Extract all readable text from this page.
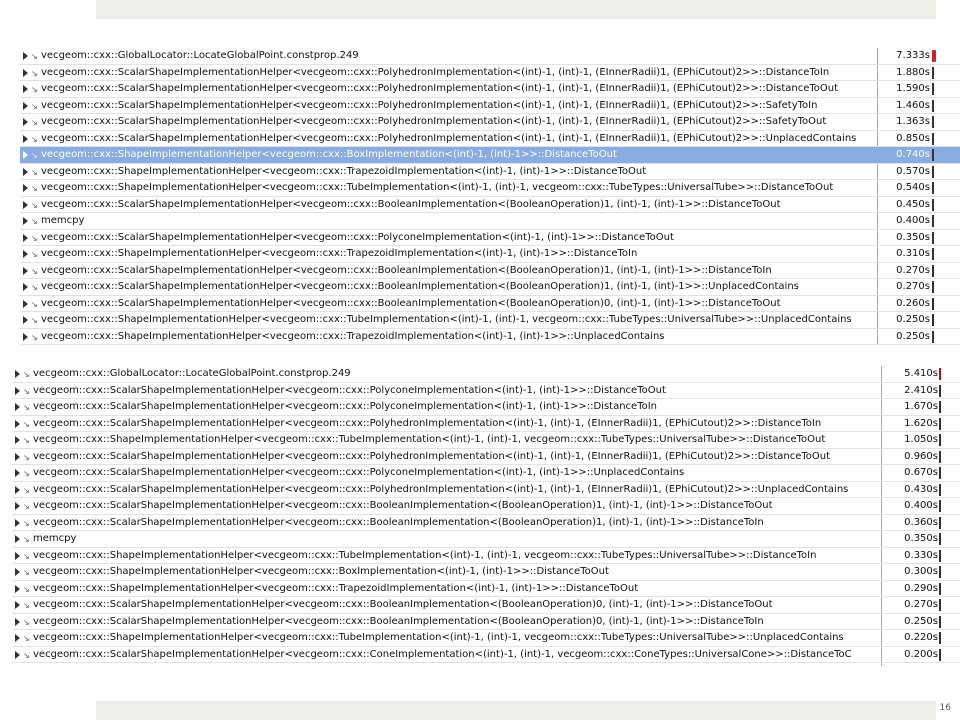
↘ vecgeom::cxx::GlobalLocator::LocateGlobalPoint.constprop.249	7.333s
↘ vecgeom::cxx::ScalarShapeImplementationHelper<vecgeom::cxx::PolyhedronImplementation<(int)-1, (int)-1, (EInnerRadii)1, (EPhiCutout)2>>::DistanceToIn	1.880s
↘ vecgeom::cxx::ScalarShapeImplementationHelper<vecgeom::cxx::PolyhedronImplementation<(int)-1, (int)-1, (EInnerRadii)1, (EPhiCutout)2>>::DistanceToOut	1.590s
↘ vecgeom::cxx::ScalarShapeImplementationHelper<vecgeom::cxx::PolyhedronImplementation<(int)-1, (int)-1, (EInnerRadii)1, (EPhiCutout)2>>::SafetyToIn	1.460s
↘ vecgeom::cxx::ScalarShapeImplementationHelper<vecgeom::cxx::PolyhedronImplementation<(int)-1, (int)-1, (EInnerRadii)1, (EPhiCutout)2>>::SafetyToOut	1.363s
↘ vecgeom::cxx::ScalarShapeImplementationHelper<vecgeom::cxx::PolyhedronImplementation<(int)-1, (int)-1, (EInnerRadii)1, (EPhiCutout)2>>::UnplacedContains	0.850s
↘ vecgeom::cxx::ShapeImplementationHelper<vecgeom::cxx::BoxImplementation<(int)-1, (int)-1>>::DistanceToOut	0.740s
↘ vecgeom::cxx::ShapeImplementationHelper<vecgeom::cxx::TrapezoidImplementation<(int)-1, (int)-1>>::DistanceToOut	0.570s
↘ vecgeom::cxx::ShapeImplementationHelper<vecgeom::cxx::TubeImplementation<(int)-1, (int)-1, vecgeom::cxx::TubeTypes::UniversalTube>>::DistanceToOut	0.540s
↘ vecgeom::cxx::ScalarShapeImplementationHelper<vecgeom::cxx::BooleanImplementation<(BooleanOperation)1, (int)-1, (int)-1>>::DistanceToOut	0.450s
↘ memcpy	0.400s
↘ vecgeom::cxx::ScalarShapeImplementationHelper<vecgeom::cxx::PolyconeImplementation<(int)-1, (int)-1>>::DistanceToOut	0.350s
↘ vecgeom::cxx::ShapeImplementationHelper<vecgeom::cxx::TrapezoidImplementation<(int)-1, (int)-1>>::DistanceToIn	0.310s
↘ vecgeom::cxx::ScalarShapeImplementationHelper<vecgeom::cxx::BooleanImplementation<(BooleanOperation)1, (int)-1, (int)-1>>::DistanceToIn	0.270s
↘ vecgeom::cxx::ScalarShapeImplementationHelper<vecgeom::cxx::BooleanImplementation<(BooleanOperation)1, (int)-1, (int)-1>>::UnplacedContains	0.270s
↘ vecgeom::cxx::ScalarShapeImplementationHelper<vecgeom::cxx::BooleanImplementation<(BooleanOperation)0, (int)-1, (int)-1>>::DistanceToOut	0.260s
↘ vecgeom::cxx::ShapeImplementationHelper<vecgeom::cxx::TubeImplementation<(int)-1, (int)-1, vecgeom::cxx::TubeTypes::UniversalTube>>::UnplacedContains	0.250s
↘ vecgeom::cxx::ShapeImplementationHelper<vecgeom::cxx::TrapezoidImplementation<(int)-1, (int)-1>>::UnplacedContains	0.250s
↘ vecgeom::cxx::GlobalLocator::LocateGlobalPoint.constprop.249	5.410s
↘ vecgeom::cxx::ScalarShapeImplementationHelper<vecgeom::cxx::PolyconeImplementation<(int)-1, (int)-1>>::DistanceToOut	2.410s
↘ vecgeom::cxx::ScalarShapeImplementationHelper<vecgeom::cxx::PolyconeImplementation<(int)-1, (int)-1>>::DistanceToIn	1.670s
↘ vecgeom::cxx::ScalarShapeImplementationHelper<vecgeom::cxx::PolyhedronImplementation<(int)-1, (int)-1, (EInnerRadii)1, (EPhiCutout)2>>::DistanceToIn	1.620s
↘ vecgeom::cxx::ShapeImplementationHelper<vecgeom::cxx::TubeImplementation<(int)-1, (int)-1, vecgeom::cxx::TubeTypes::UniversalTube>>::DistanceToOut	1.050s
↘ vecgeom::cxx::ScalarShapeImplementationHelper<vecgeom::cxx::PolyhedronImplementation<(int)-1, (int)-1, (EInnerRadii)1, (EPhiCutout)2>>::DistanceToOut	0.960s
↘ vecgeom::cxx::ScalarShapeImplementationHelper<vecgeom::cxx::PolyconeImplementation<(int)-1, (int)-1>>::UnplacedContains	0.670s
↘ vecgeom::cxx::ScalarShapeImplementationHelper<vecgeom::cxx::PolyhedronImplementation<(int)-1, (int)-1, (EInnerRadii)1, (EPhiCutout)2>>::UnplacedContains	0.430s
↘ vecgeom::cxx::ScalarShapeImplementationHelper<vecgeom::cxx::BooleanImplementation<(BooleanOperation)1, (int)-1, (int)-1>>::DistanceToOut	0.400s
↘ vecgeom::cxx::ScalarShapeImplementationHelper<vecgeom::cxx::BooleanImplementation<(BooleanOperation)1, (int)-1, (int)-1>>::DistanceToIn	0.360s
↘ memcpy	0.350s
↘ vecgeom::cxx::ShapeImplementationHelper<vecgeom::cxx::TubeImplementation<(int)-1, (int)-1, vecgeom::cxx::TubeTypes::UniversalTube>>::DistanceToIn	0.330s
↘ vecgeom::cxx::ShapeImplementationHelper<vecgeom::cxx::BoxImplementation<(int)-1, (int)-1>>::DistanceToOut	0.300s
↘ vecgeom::cxx::ShapeImplementationHelper<vecgeom::cxx::TrapezoidImplementation<(int)-1, (int)-1>>::DistanceToOut	0.290s
↘ vecgeom::cxx::ScalarShapeImplementationHelper<vecgeom::cxx::BooleanImplementation<(BooleanOperation)0, (int)-1, (int)-1>>::DistanceToOut	0.270s
↘ vecgeom::cxx::ScalarShapeImplementationHelper<vecgeom::cxx::BooleanImplementation<(BooleanOperation)0, (int)-1, (int)-1>>::DistanceToIn	0.250s
↘ vecgeom::cxx::ShapeImplementationHelper<vecgeom::cxx::TubeImplementation<(int)-1, (int)-1, vecgeom::cxx::TubeTypes::UniversalTube>>::UnplacedContains	0.220s
↘ vecgeom::cxx::ScalarShapeImplementationHelper<vecgeom::cxx::ConeImplementation<(int)-1, (int)-1, vecgeom::cxx::ConeTypes::UniversalCone>>::DistanceToC	0.200s
16
